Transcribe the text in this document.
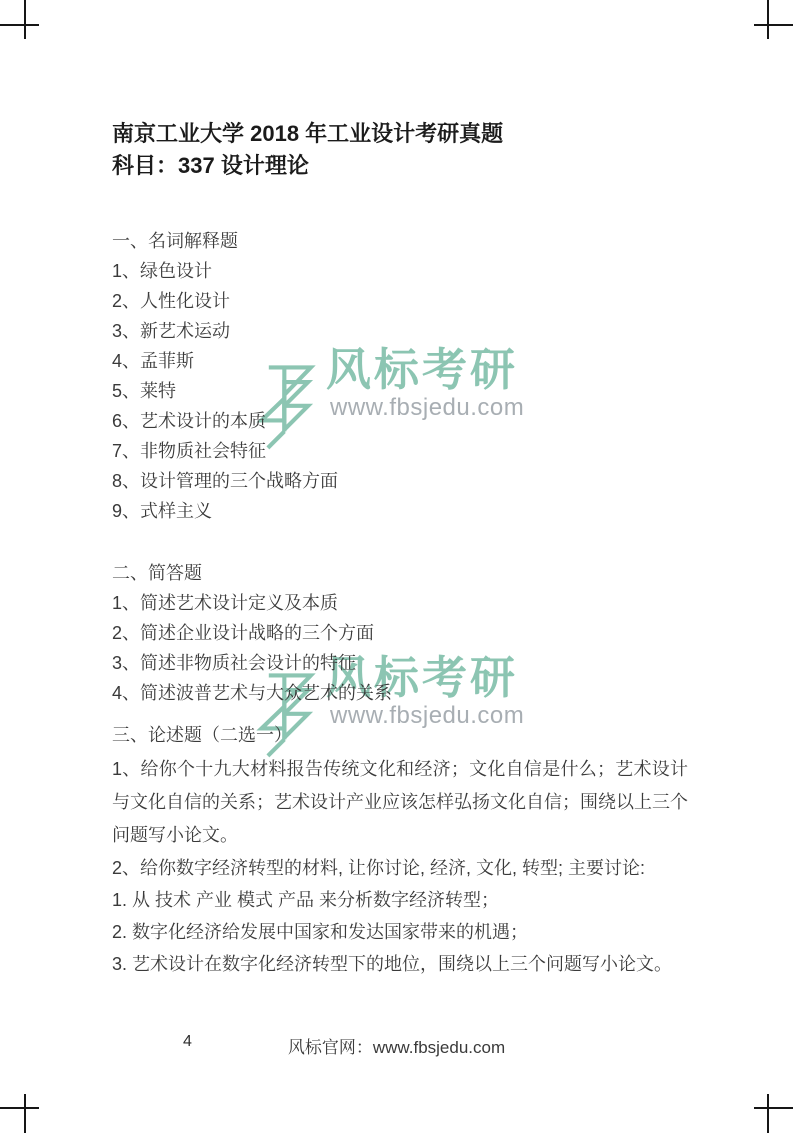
风标考研
www.fbsjedu.com
风标考研
www.fbsjedu.com
南京工业大学 2018 年工业设计考研真题
科目：337 设计理论
一、名词解释题
1、绿色设计
2、人性化设计
3、新艺术运动
4、孟菲斯
5、莱特
6、艺术设计的本质
7、非物质社会特征
8、设计管理的三个战略方面
9、式样主义
二、简答题
1、简述艺术设计定义及本质
2、简述企业设计战略的三个方面
3、简述非物质社会设计的特征
4、简述波普艺术与大众艺术的关系
三、论述题（二选一）
1、给你个十九大材料报告传统文化和经济；文化自信是什么；艺术设计与文化自信的关系；艺术设计产业应该怎样弘扬文化自信；围绕以上三个问题写小论文。
2、给你数字经济转型的材料, 让你讨论, 经济, 文化, 转型; 主要讨论:
1. 从 技术 产业 模式 产品 来分析数字经济转型；
2. 数字化经济给发展中国家和发达国家带来的机遇；
3. 艺术设计在数字化经济转型下的地位，围绕以上三个问题写小论文。
4	风标官网：www.fbsjedu.com
